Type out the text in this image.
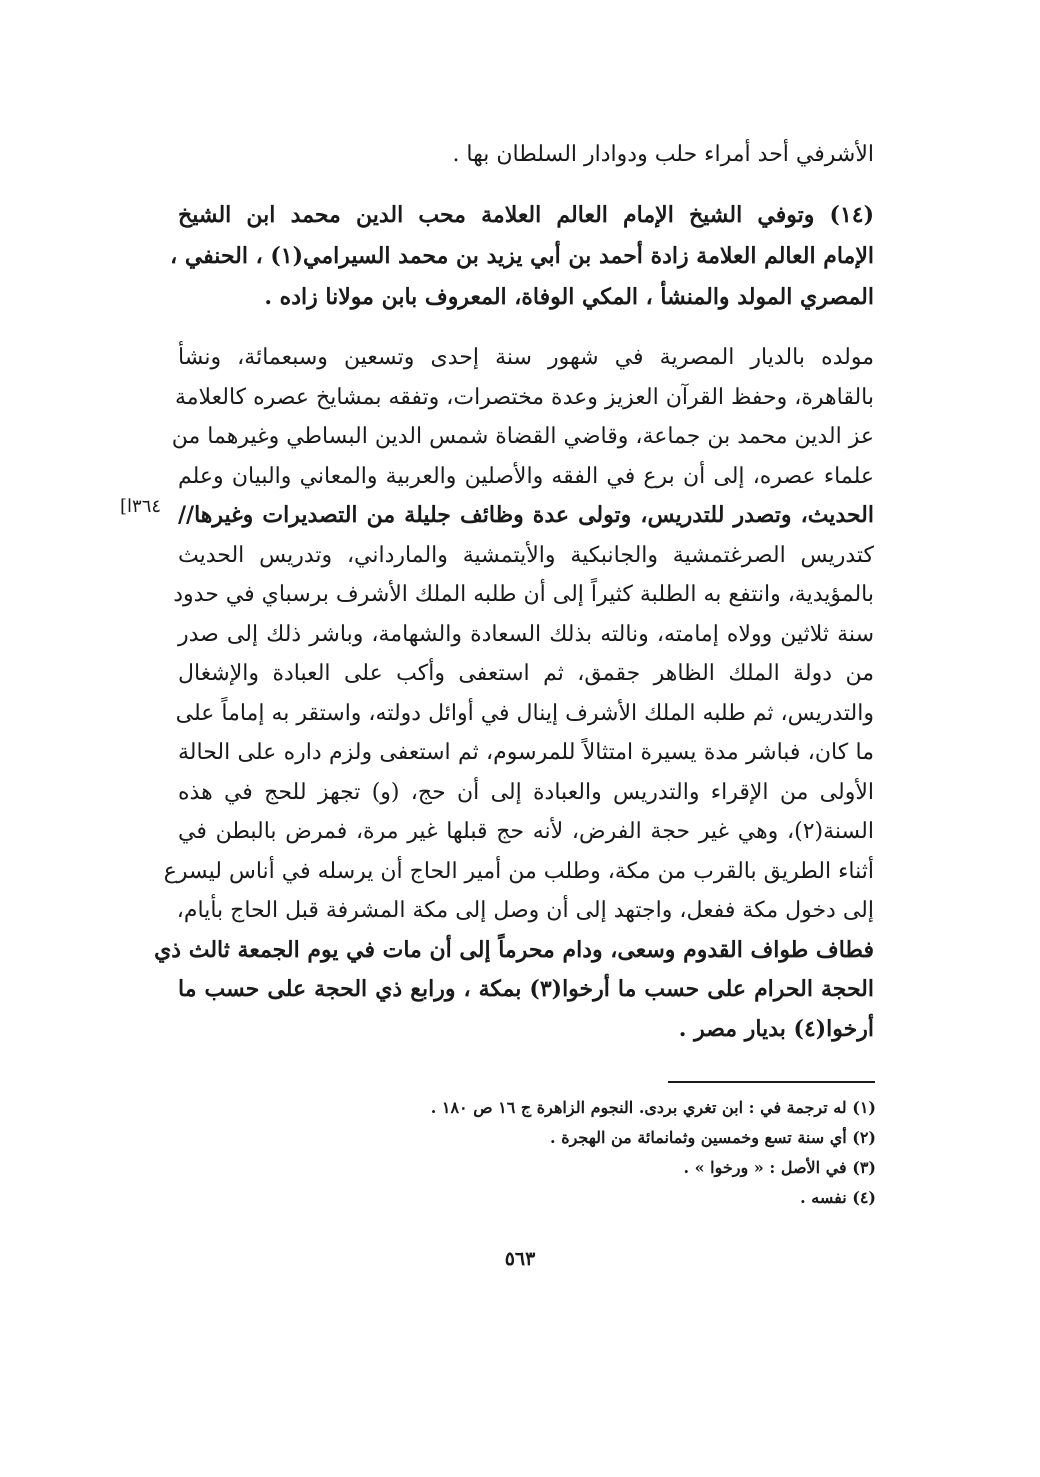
الأشرفي أحد أمراء حلب ودوادار السلطان بها .

(١٤) وتوفي الشيخ الإمام العالم العلامة محب الدين محمد ابن الشيخ
الإمام العالم العلامة زادة أحمد بن أبي يزيد بن محمد السيرامي(١) ، الحنفي ،
المصري المولد والمنشأ ، المكي الوفاة، المعروف بابن مولانا زاده .

مولده بالديار المصرية في شهور سنة إحدى وتسعين وسبعمائة، ونشأ
بالقاهرة، وحفظ القرآن العزيز وعدة مختصرات، وتفقه بمشايخ عصره كالعلامة
عز الدين محمد بن جماعة، وقاضي القضاة شمس الدين البساطي وغيرهما من
علماء عصره، إلى أن برع في الفقه والأصلين والعربية والمعاني والبيان وعلم
الحديث، وتصدر للتدريس، وتولى عدة وظائف جليلة من التصديرات وغيرها//
كتدريس الصرغتمشية والجانبكية والأيتمشية والمارداني، وتدريس الحديث
بالمؤيدية، وانتفع به الطلبة كثيراً إلى أن طلبه الملك الأشرف برسباي في حدود
سنة ثلاثين وولاه إمامته، ونالته بذلك السعادة والشهامة، وباشر ذلك إلى صدر
من دولة الملك الظاهر جقمق، ثم استعفى وأكب على العبادة والإشغال
والتدريس، ثم طلبه الملك الأشرف إينال في أوائل دولته، واستقر به إماماً على
ما كان، فباشر مدة يسيرة امتثالاً للمرسوم، ثم استعفى ولزم داره على الحالة
الأولى من الإقراء والتدريس والعبادة إلى أن حج، (و) تجهز للحج في هذه
السنة(٢)، وهي غير حجة الفرض، لأنه حج قبلها غير مرة، فمرض بالبطن في
أثناء الطريق بالقرب من مكة، وطلب من أمير الحاج أن يرسله في أناس ليسرع
إلى دخول مكة ففعل، واجتهد إلى أن وصل إلى مكة المشرفة قبل الحاج بأيام،
فطاف طواف القدوم وسعى، ودام محرماً إلى أن مات في يوم الجمعة ثالث ذي
الحجة الحرام على حسب ما أرخوا(٣) بمكة ، ورابع ذي الحجة على حسب ما
أرخوا(٤) بديار مصر .

[٣٦٤ا
(١) له ترجمة في : ابن تغري بردى. النجوم الزاهرة ج ١٦ ص ١٨٠ .
(٢) أي سنة تسع وخمسين وثمانمائة من الهجرة .
(٣) في الأصل : « ورخوا » .
(٤) نفسه .
٥٦٣
